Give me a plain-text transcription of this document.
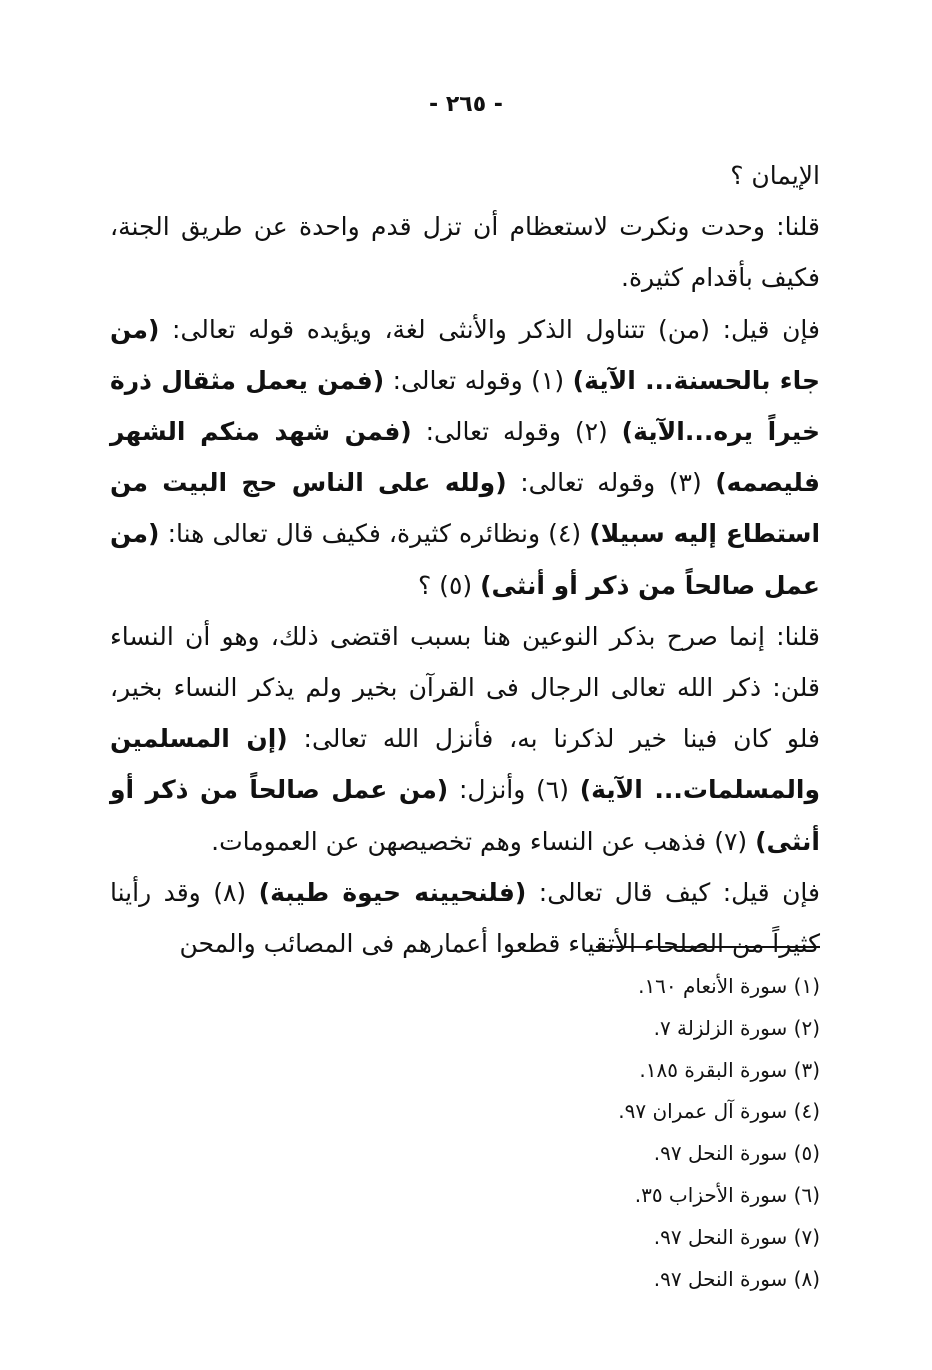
- ٢٦٥ -

الإيمان ؟

قلنا: وحدت ونكرت لاستعظام أن تزل قدم واحدة عن طريق الجنة، فكيف بأقدام كثيرة.

فإن قيل: (من) تتناول الذكر والأنثى لغة، ويؤيده قوله تعالى: (من جاء بالحسنة... الآية) (١) وقوله تعالى: (فمن يعمل مثقال ذرة خيراً يره...الآية) (٢) وقوله تعالى: (فمن شهد منكم الشهر فليصمه) (٣) وقوله تعالى: (ولله على الناس حج البيت من استطاع إليه سبيلا) (٤) ونظائره كثيرة، فكيف قال تعالى هنا: (من عمل صالحاً من ذكر أو أنثى) (٥) ؟

قلنا: إنما صرح بذكر النوعين هنا بسبب اقتضى ذلك، وهو أن النساء قلن: ذكر الله تعالى الرجال فى القرآن بخير ولم يذكر النساء بخير، فلو كان فينا خير لذكرنا به، فأنزل الله تعالى: (إن المسلمين والمسلمات... الآية) (٦) وأنزل: (من عمل صالحاً من ذكر أو أنثى) (٧) فذهب عن النساء وهم تخصيصهن عن العمومات.

فإن قيل: كيف قال تعالى: (فلنحيينه حيوة طيبة) (٨) وقد رأينا كثيراً من الصلحاء الأتقياء قطعوا أعمارهم فى المصائب والمحن

(١) سورة الأنعام ١٦٠.
(٢) سورة الزلزلة ٧.
(٣) سورة البقرة ١٨٥.
(٤) سورة آل عمران ٩٧.
(٥) سورة النحل ٩٧.
(٦) سورة الأحزاب ٣٥.
(٧) سورة النحل ٩٧.
(٨) سورة النحل ٩٧.
